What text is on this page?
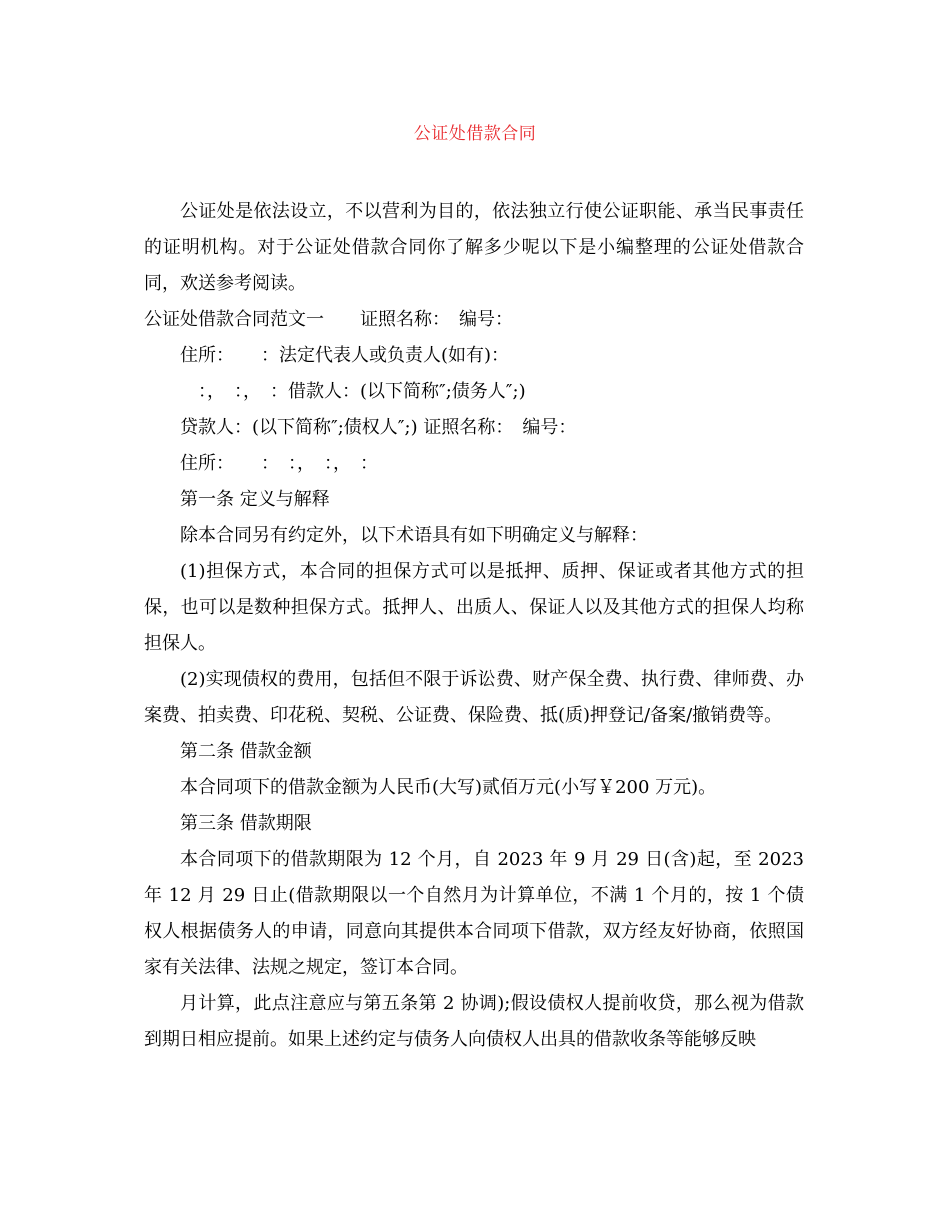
公证处借款合同

公证处是依法设立，不以营利为目的，依法独立行使公证职能、承当民事责任的证明机构。对于公证处借款合同你了解多少呢以下是小编整理的公证处借款合同，欢送参考阅读。

公证处借款合同范文一　　证照名称：　编号：

住所：　　：法定代表人或负责人(如有)：

　：，　：，　：借款人：(以下简称″;债务人″;)

贷款人：(以下简称″;债权人″;) 证照名称：　编号：

住所：　　：　：，　：，　：

第一条 定义与解释

除本合同另有约定外，以下术语具有如下明确定义与解释：

(1)担保方式，本合同的担保方式可以是抵押、质押、保证或者其他方式的担保，也可以是数种担保方式。抵押人、出质人、保证人以及其他方式的担保人均称担保人。

(2)实现债权的费用，包括但不限于诉讼费、财产保全费、执行费、律师费、办案费、拍卖费、印花税、契税、公证费、保险费、抵(质)押登记/备案/撤销费等。

第二条 借款金额

本合同项下的借款金额为人民币(大写)贰佰万元(小写￥200 万元)。

第三条 借款期限

本合同项下的借款期限为 12 个月，自 2023 年 9 月 29 日(含)起，至 2023 年 12 月 29 日止(借款期限以一个自然月为计算单位，不满 1 个月的，按 1 个债权人根据债务人的申请，同意向其提供本合同项下借款，双方经友好协商，依照国家有关法律、法规之规定，签订本合同。

月计算，此点注意应与第五条第 2 协调);假设债权人提前收贷，那么视为借款到期日相应提前。如果上述约定与债务人向债权人出具的借款收条等能够反映
